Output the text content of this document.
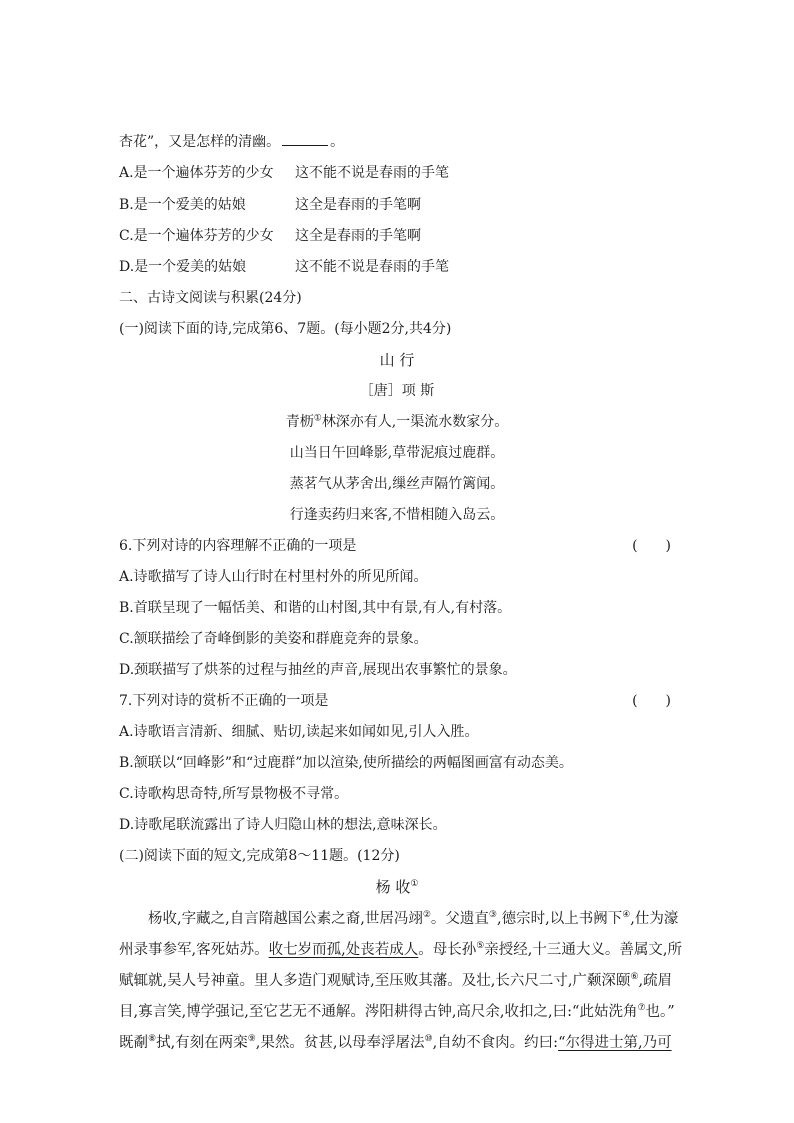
杏花”，又是怎样的清幽。	。
A.是一个遍体芬芳的少女 这不能不说是春雨的手笔
B.是一个爱美的姑娘	这全是春雨的手笔啊
C.是一个遍体芬芳的少女 这全是春雨的手笔啊
D.是一个爱美的姑娘	这不能不说是春雨的手笔
二、古诗文阅读与积累(24分)
(一)阅读下面的诗,完成第6、7题。(每小题2分,共4分)
山 行
［唐］项 斯
青枥①林深亦有人,一渠流水数家分。
山当日午回峰影,草带泥痕过鹿群。
蒸茗气从茅舍出,缫丝声隔竹篱闻。
行逢卖药归来客,不惜相随入岛云。
6.下列对诗的内容理解不正确的一项是	(　　)
A.诗歌描写了诗人山行时在村里村外的所见所闻。
B.首联呈现了一幅恬美、和谐的山村图,其中有景,有人,有村落。
C.颔联描绘了奇峰倒影的美姿和群鹿竞奔的景象。
D.颈联描写了烘茶的过程与抽丝的声音,展现出农事繁忙的景象。
7.下列对诗的赏析不正确的一项是	(　　)
A.诗歌语言清新、细腻、贴切,读起来如闻如见,引人入胜。
B.颔联以“回峰影”和“过鹿群”加以渲染,使所描绘的两幅图画富有动态美。
C.诗歌构思奇特,所写景物极不寻常。
D.诗歌尾联流露出了诗人归隐山林的想法,意味深长。
(二)阅读下面的短文,完成第8～11题。(12分)
杨 收①
杨收,字藏之,自言隋越国公素之裔,世居冯翊②。父遗直③,德宗时,以上书阙下④,仕为濠
州录事参军,客死姑苏。收七岁而孤,处丧若成人。母长孙⑤亲授经,十三通大义。善属文,所
赋辄就,吴人号神童。里人多造门观赋诗,至压败其藩。及壮,长六尺二寸,广颡深颐⑥,疏眉
目,寡言笑,博学强记,至它艺无不通解。涔阳耕得古钟,高尺余,收扣之,曰:“此姑洗角⑦也。”
既劀⑧拭,有刻在两栾⑨,果然。贫甚,以母奉浮屠法⑩,自幼不食肉。约曰:“尔得进士第,乃可
